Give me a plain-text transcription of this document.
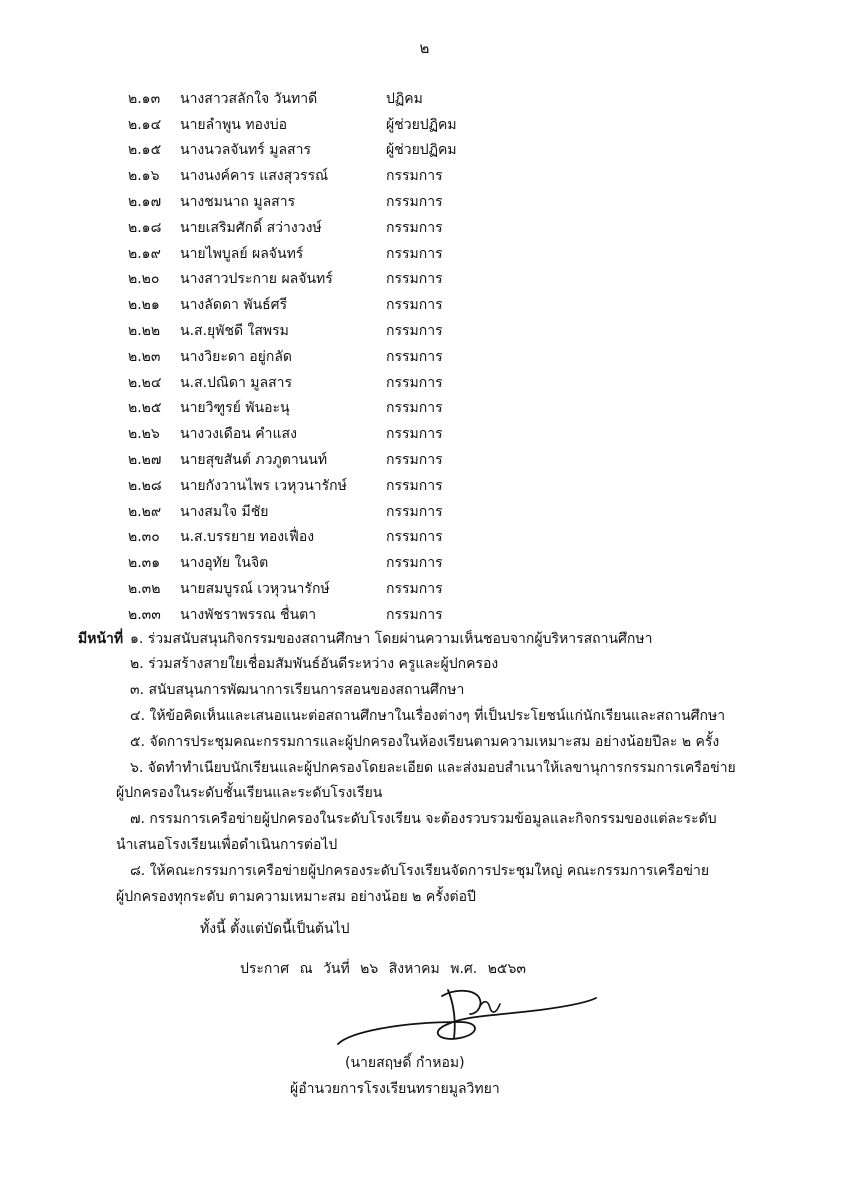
๒
๒.๑๓	นางสาวสลักใจ วันทาดี	ปฏิคม
๒.๑๔	นายลำพูน ทองบ่อ	ผู้ช่วยปฏิคม
๒.๑๕	นางนวลจันทร์ มูลสาร	ผู้ช่วยปฏิคม
๒.๑๖	นางนงค์คาร แสงสุวรรณ์	กรรมการ
๒.๑๗	นางชมนาถ มูลสาร	กรรมการ
๒.๑๘	นายเสริมศักดิ์ สว่างวงษ์	กรรมการ
๒.๑๙	นายไพบูลย์ ผลจันทร์	กรรมการ
๒.๒๐	นางสาวประกาย ผลจันทร์	กรรมการ
๒.๒๑	นางลัดดา พันธ์ศรี	กรรมการ
๒.๒๒	น.ส.ยุพัชดี ใสพรม	กรรมการ
๒.๒๓	นางวิยะดา อยู่กลัด	กรรมการ
๒.๒๔	น.ส.ปณิดา มูลสาร	กรรมการ
๒.๒๕	นายวิฑูรย์ พันอะนุ	กรรมการ
๒.๒๖	นางวงเดือน คำแสง	กรรมการ
๒.๒๗	นายสุขสันต์ ภวภูตานนท์	กรรมการ
๒.๒๘	นายกังวานไพร เวหุวนารักษ์	กรรมการ
๒.๒๙	นางสมใจ มีชัย	กรรมการ
๒.๓๐	น.ส.บรรยาย ทองเฟื่อง	กรรมการ
๒.๓๑	นางอุทัย ในจิต	กรรมการ
๒.๓๒	นายสมบูรณ์ เวหุวนารักษ์	กรรมการ
๒.๓๓	นางพัชราพรรณ ชื่นตา	กรรมการ
มีหน้าที่ ๑. ร่วมสนับสนุนกิจกรรมของสถานศึกษา โดยผ่านความเห็นชอบจากผู้บริหารสถานศึกษา
๒. ร่วมสร้างสายใยเชื่อมสัมพันธ์อันดีระหว่าง ครูและผู้ปกครอง
๓. สนับสนุนการพัฒนาการเรียนการสอนของสถานศึกษา
๔. ให้ข้อคิดเห็นและเสนอแนะต่อสถานศึกษาในเรื่องต่างๆ ที่เป็นประโยชน์แก่นักเรียนและสถานศึกษา
๕. จัดการประชุมคณะกรรมการและผู้ปกครองในห้องเรียนตามความเหมาะสม อย่างน้อยปีละ ๒ ครั้ง
๖. จัดทำทำเนียบนักเรียนและผู้ปกครองโดยละเอียด และส่งมอบสำเนาให้เลขานุการกรรมการเครือข่าย
ผู้ปกครองในระดับชั้นเรียนและระดับโรงเรียน
๗. กรรมการเครือข่ายผู้ปกครองในระดับโรงเรียน จะต้องรวบรวมข้อมูลและกิจกรรมของแต่ละระดับ
นำเสนอโรงเรียนเพื่อดำเนินการต่อไป
๘. ให้คณะกรรมการเครือข่ายผู้ปกครองระดับโรงเรียนจัดการประชุมใหญ่ คณะกรรมการเครือข่าย
ผู้ปกครองทุกระดับ ตามความเหมาะสม อย่างน้อย ๒ ครั้งต่อปี
ทั้งนี้ ตั้งแต่บัดนี้เป็นต้นไป
ประกาศ ณ วันที่ ๒๖ สิงหาคม พ.ศ. ๒๕๖๓
(นายสฤษดิ์ กำหอม)
ผู้อำนวยการโรงเรียนทรายมูลวิทยา
